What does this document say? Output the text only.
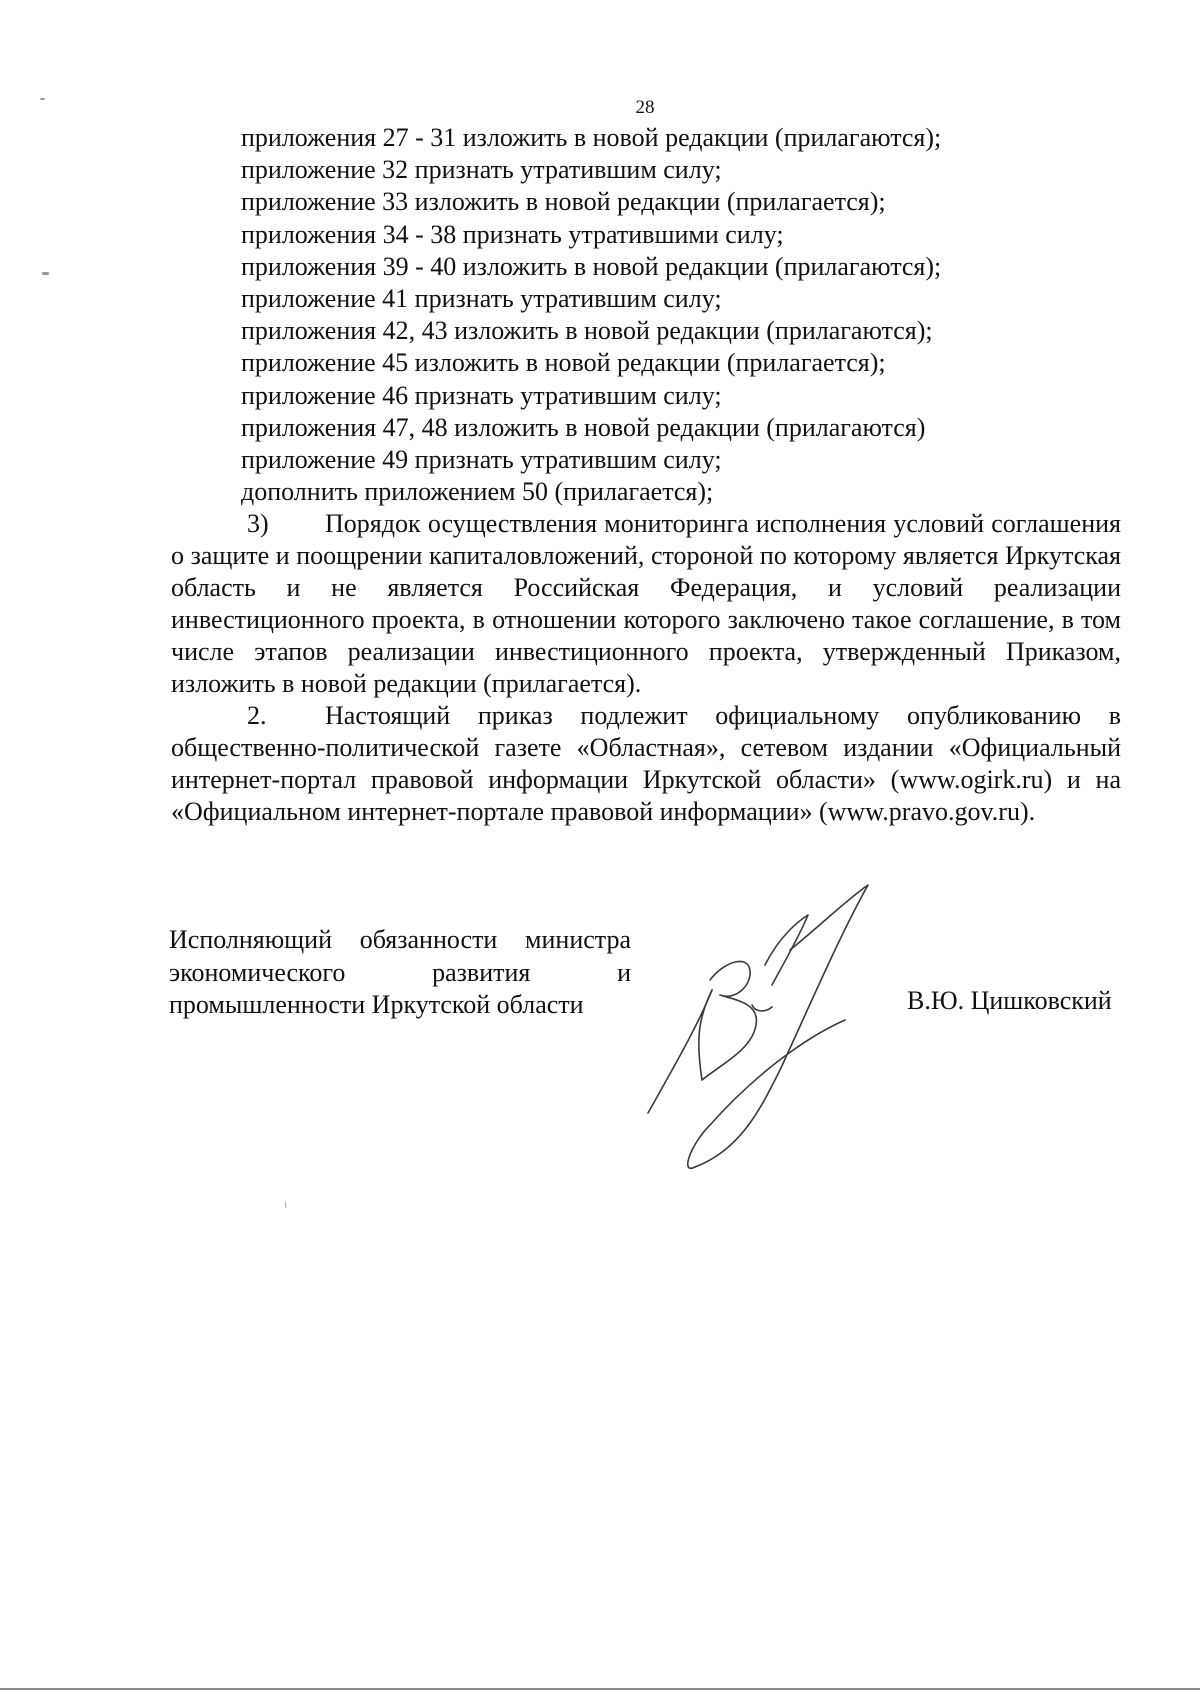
28
приложения 27 - 31 изложить в новой редакции (прилагаются);
приложение 32 признать утратившим силу;
приложение 33 изложить в новой редакции (прилагается);
приложения 34 - 38 признать утратившими силу;
приложения 39 - 40 изложить в новой редакции (прилагаются);
приложение 41 признать утратившим силу;
приложения 42, 43 изложить в новой редакции (прилагаются);
приложение 45 изложить в новой редакции (прилагается);
приложение 46 признать утратившим силу;
приложения 47, 48 изложить в новой редакции (прилагаются)
приложение 49 признать утратившим силу;
дополнить приложением 50 (прилагается);

3) Порядок осуществления мониторинга исполнения условий соглашения о защите и поощрении капиталовложений, стороной по которому является Иркутская область и не является Российская Федерация, и условий реализации инвестиционного проекта, в отношении которого заключено такое соглашение, в том числе этапов реализации инвестиционного проекта, утвержденный Приказом, изложить в новой редакции (прилагается).

2. Настоящий приказ подлежит официальному опубликованию в общественно-политической газете «Областная», сетевом издании «Официальный интернет-портал правовой информации Иркутской области» (www.ogirk.ru) и на «Официальном интернет-портале правовой информации» (www.pravo.gov.ru).

Исполняющий обязанности министра
экономического развития и
промышленности Иркутской области	В.Ю. Цишковский
